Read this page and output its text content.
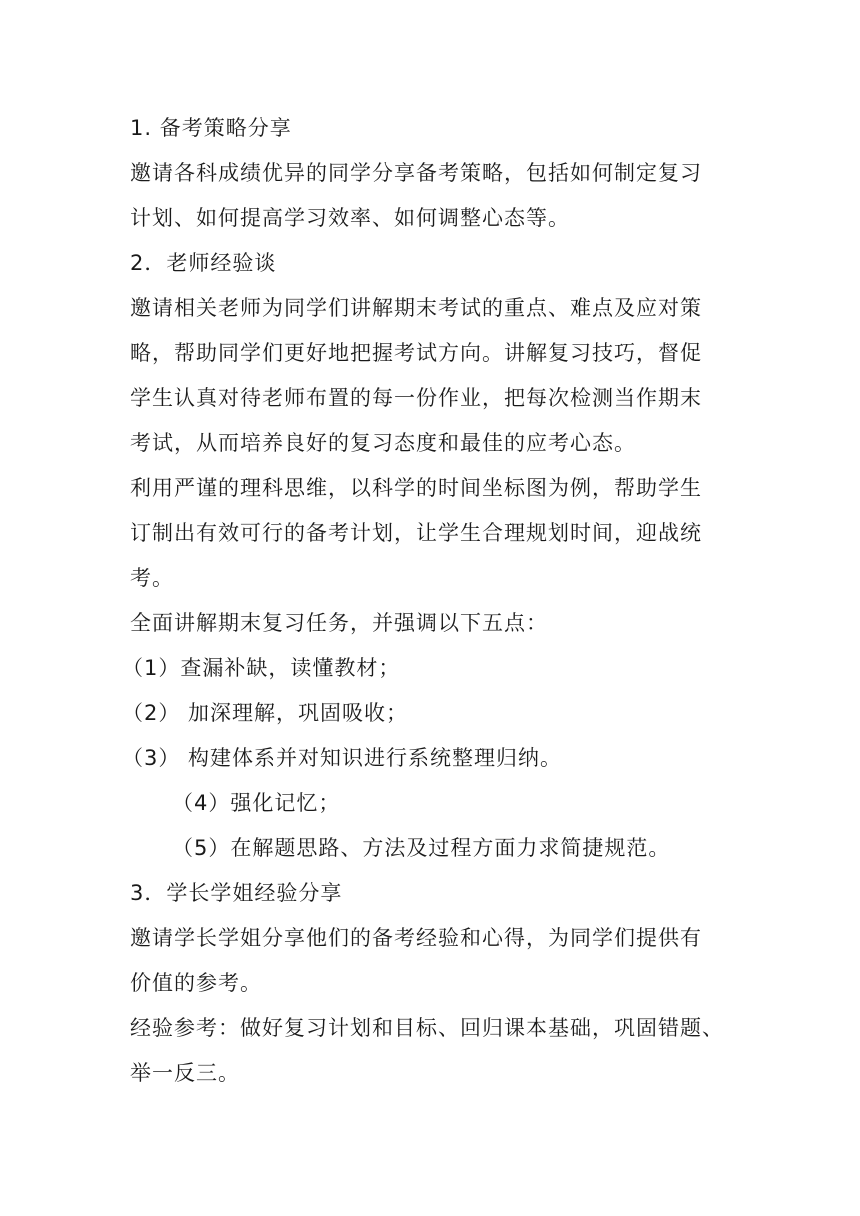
1. 备考策略分享
邀请各科成绩优异的同学分享备考策略，包括如何制定复习
计划、如何提高学习效率、如何调整心态等。
2．老师经验谈
邀请相关老师为同学们讲解期末考试的重点、难点及应对策
略，帮助同学们更好地把握考试方向。讲解复习技巧，督促
学生认真对待老师布置的每一份作业，把每次检测当作期末
考试，从而培养良好的复习态度和最佳的应考心态。
利用严谨的理科思维，以科学的时间坐标图为例，帮助学生
订制出有效可行的备考计划，让学生合理规划时间，迎战统
考。
全面讲解期末复习任务，并强调以下五点：
（1）查漏补缺，读懂教材；
（2） 加深理解，巩固吸收；
（3） 构建体系并对知识进行系统整理归纳。
（4）强化记忆；
（5）在解题思路、方法及过程方面力求简捷规范。
3．学长学姐经验分享
邀请学长学姐分享他们的备考经验和心得，为同学们提供有
价值的参考。
经验参考：做好复习计划和目标、回归课本基础，巩固错题、
举一反三。
